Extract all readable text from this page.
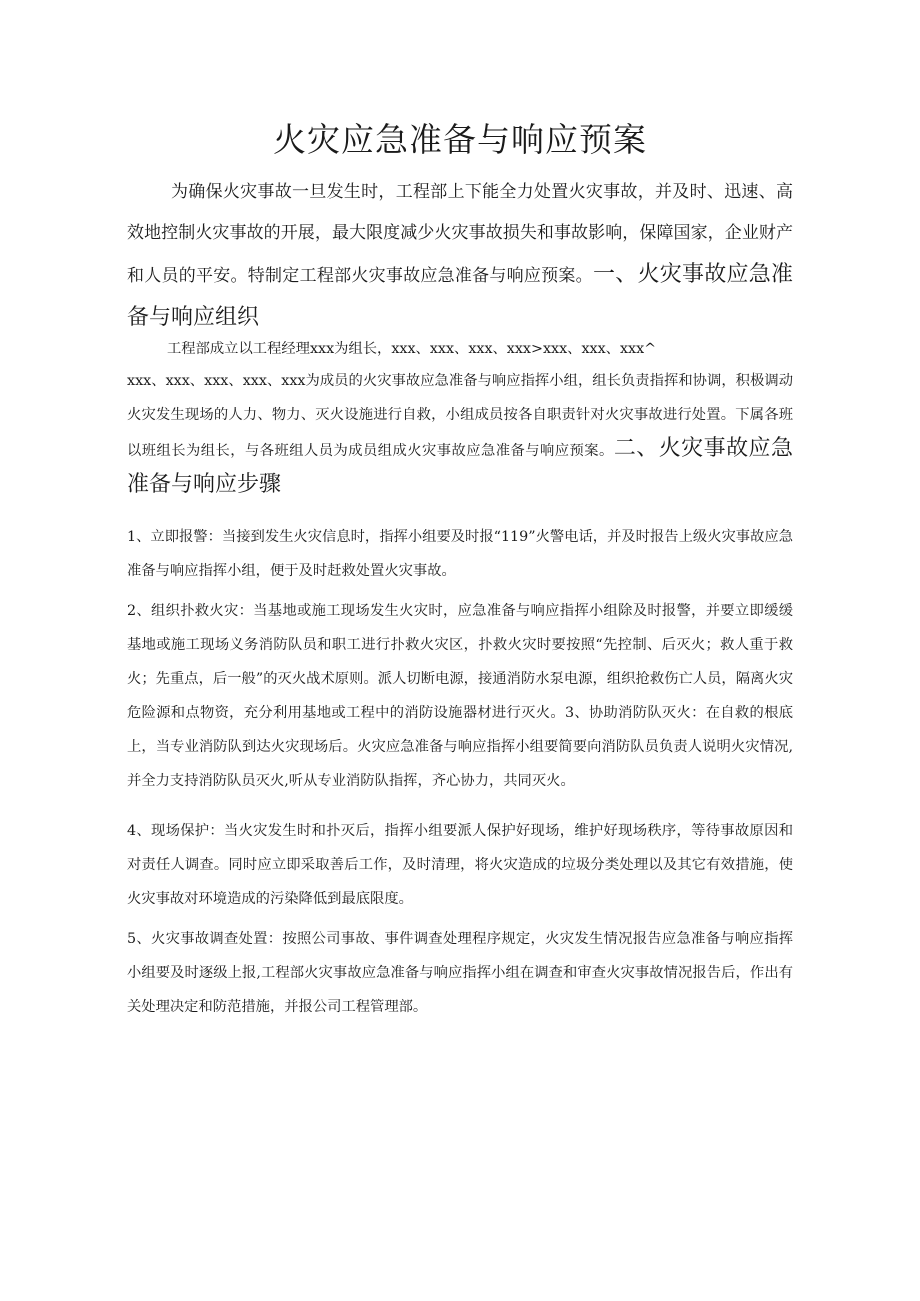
火灾应急准备与响应预案

为确保火灾事故一旦发生时，工程部上下能全力处置火灾事故，并及时、迅速、高效地控制火灾事故的开展，最大限度减少火灾事故损失和事故影响，保障国家，企业财产和人员的平安。特制定工程部火灾事故应急准备与响应预案。一、火灾事故应急准备与响应组织

工程部成立以工程经理xxx为组长，xxx、xxx、xxx、xxx>xxx、xxx、xxx^

xxx、xxx、xxx、xxx、xxx为成员的火灾事故应急准备与响应指挥小组，组长负责指挥和协调，积极调动火灾发生现场的人力、物力、灭火设施进行自救，小组成员按各自职责针对火灾事故进行处置。下属各班以班组长为组长，与各班组人员为成员组成火灾事故应急准备与响应预案。二、火灾事故应急准备与响应步骤

1、立即报警：当接到发生火灾信息时，指挥小组要及时报“119”火警电话，并及时报告上级火灾事故应急准备与响应指挥小组，便于及时赶救处置火灾事故。

2、组织扑救火灾：当基地或施工现场发生火灾时，应急准备与响应指挥小组除及时报警，并要立即缓缓基地或施工现场义务消防队员和职工进行扑救火灾区，扑救火灾时要按照“先控制、后灭火；救人重于救火；先重点，后一般”的灭火战术原则。派人切断电源，接通消防水泵电源，组织抢救伤亡人员，隔离火灾危险源和点物资，充分利用基地或工程中的消防设施器材进行灭火。3、协助消防队灭火：在自救的根底上，当专业消防队到达火灾现场后。火灾应急准备与响应指挥小组要简要向消防队员负责人说明火灾情况,并全力支持消防队员灭火,听从专业消防队指挥，齐心协力，共同灭火。

4、现场保护：当火灾发生时和扑灭后，指挥小组要派人保护好现场，维护好现场秩序，等待事故原因和对责任人调查。同时应立即采取善后工作，及时清理，将火灾造成的垃圾分类处理以及其它有效措施，使火灾事故对环境造成的污染降低到最底限度。

5、火灾事故调查处置：按照公司事故、事件调查处理程序规定，火灾发生情况报告应急准备与响应指挥小组要及时逐级上报,工程部火灾事故应急准备与响应指挥小组在调查和审查火灾事故情况报告后，作出有关处理决定和防范措施，并报公司工程管理部。
